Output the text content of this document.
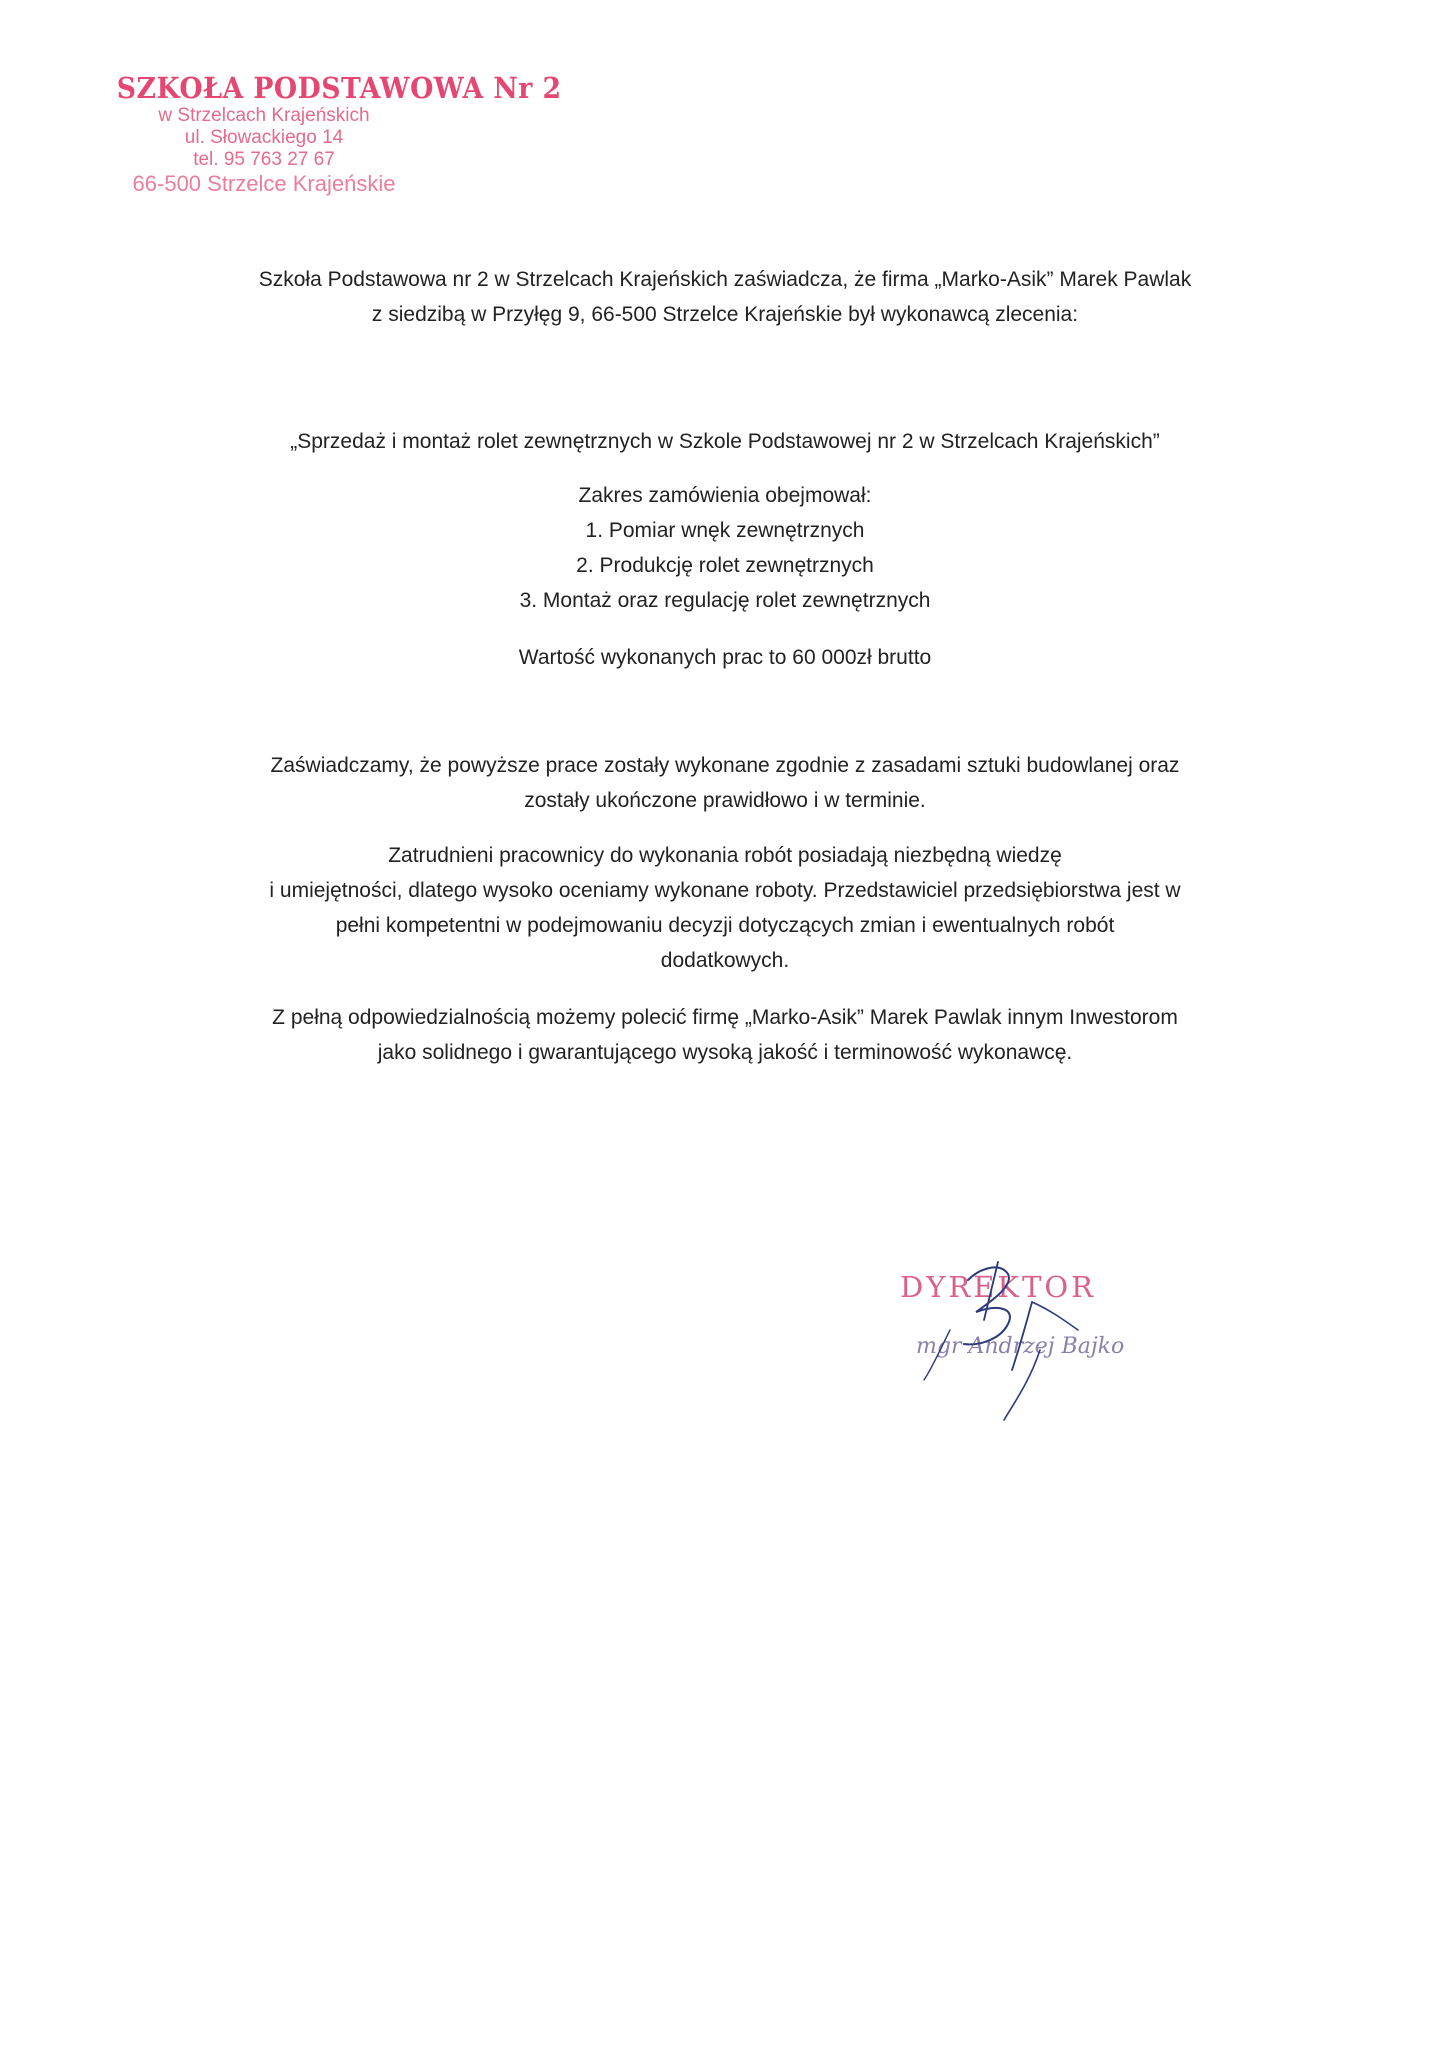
SZKOŁA PODSTAWOWA Nr 2
w Strzelcach Krajeńskich
ul. Słowackiego 14
tel. 95 763 27 67
66-500 Strzelce Krajeńskie

Szkoła Podstawowa nr 2 w Strzelcach Krajeńskich zaświadcza, że firma „Marko-Asik” Marek Pawlak

z siedzibą w Przyłęg 9, 66-500 Strzelce Krajeńskie był wykonawcą zlecenia:

„Sprzedaż i montaż rolet zewnętrznych w Szkole Podstawowej nr 2 w Strzelcach Krajeńskich”

Zakres zamówienia obejmował:

1. Pomiar wnęk zewnętrznych

2. Produkcję rolet zewnętrznych

3. Montaż oraz regulację rolet zewnętrznych

Wartość wykonanych prac to 60 000zł brutto

Zaświadczamy, że powyższe prace zostały wykonane zgodnie z zasadami sztuki budowlanej oraz

zostały ukończone prawidłowo i w terminie.

Zatrudnieni pracownicy do wykonania robót posiadają niezbędną wiedzę

i umiejętności, dlatego wysoko oceniamy wykonane roboty. Przedstawiciel przedsiębiorstwa jest w

pełni kompetentni w podejmowaniu decyzji dotyczących zmian i ewentualnych robót

dodatkowych.

Z pełną odpowiedzialnością możemy polecić firmę „Marko-Asik” Marek Pawlak innym Inwestorom

jako solidnego i gwarantującego wysoką jakość i terminowość wykonawcę.

DYREKTOR
mgr Andrzej Bajko
